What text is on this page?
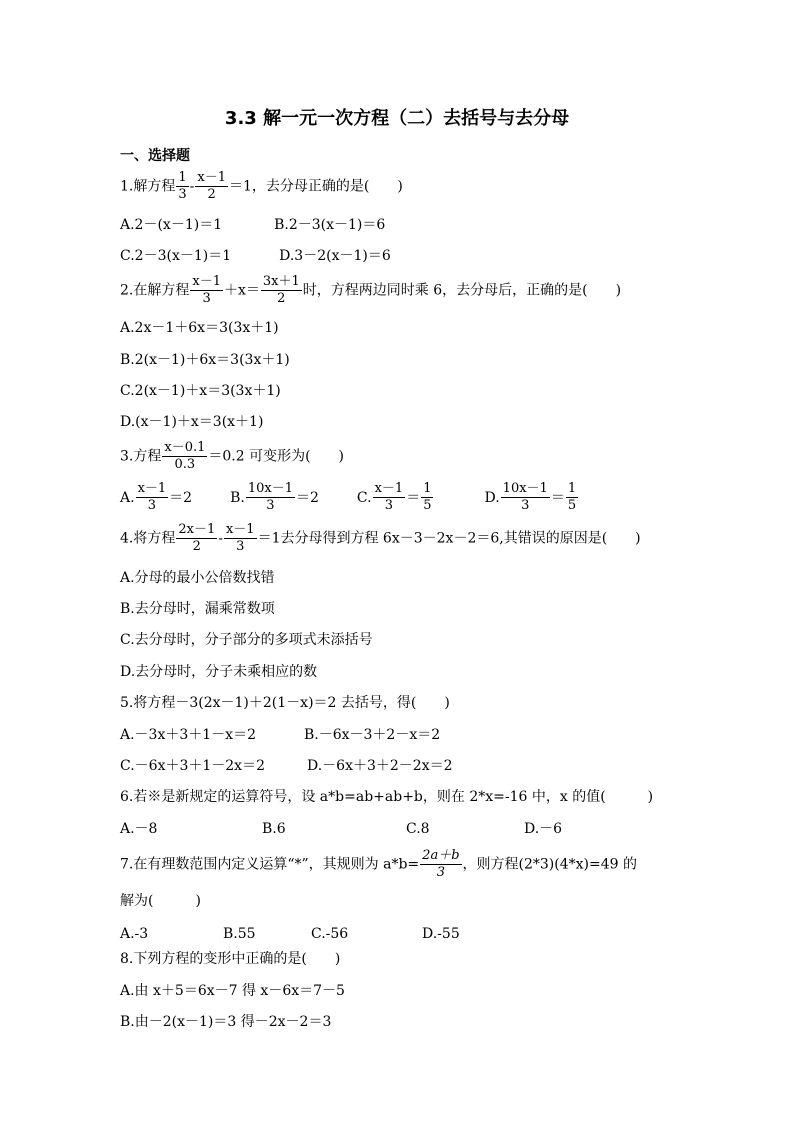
3.3 解一元一次方程（二）去括号与去分母
一、选择题
1.解方程 $\frac{1}{3} - \frac{x-1}{2} =1$，去分母正确的是(　　)
A.2－(x－1)＝1	B.2－3(x－1)＝6
C.2－3(x－1)＝1	D.3－2(x－1)＝6
2.在解方程 $\frac{x-1}{3} +x= \frac{3x+1}{2}$ 时，方程两边同时乘 6，去分母后，正确的是(　　)
A.2x－1＋6x＝3(3x＋1)
B.2(x－1)＋6x＝3(3x＋1)
C.2(x－1)＋x＝3(3x＋1)
D.(x－1)＋x＝3(x＋1)
3.方程 $\frac{x-0.1}{0.3} =0.2$ 可变形为(　　)
A. $\frac{x-1}{3} =2$	B. $\frac{10x-1}{3} =2$	C. $\frac{x-1}{3} = \frac{1}{5}$	D. $\frac{10x-1}{3} = \frac{1}{5}$
4.将方程 $\frac{2x-1}{2} - \frac{x-1}{3} =1$去分母得到方程 6x－3－2x－2＝6,其错误的原因是(　　)
A.分母的最小公倍数找错
B.去分母时，漏乘常数项
C.去分母时，分子部分的多项式未添括号
D.去分母时，分子未乘相应的数
5.将方程－3(2x－1)＋2(1－x)＝2 去括号，得(　　)
A.－3x＋3＋1－x＝2	B.－6x－3＋2－x＝2
C.－6x＋3＋1－2x＝2	D.－6x＋3＋2－2x＝2
6.若※是新规定的运算符号，设 a*b=ab+ab+b，则在 2*x=-16 中，x 的值(　　　)
A.－8	B.6	C.8	D.－6
7.在有理数范围内定义运算“*”，其规则为 $a*b= \frac{2a+b}{3}$ ，则方程(2*3)(4*x)=49 的
解为(　　　)
A.-3	B.55	C.-56	D.-55
8.下列方程的变形中正确的是(　　)
A.由 x＋5＝6x－7 得 x－6x＝7－5
B.由－2(x－1)＝3 得－2x－2＝3
